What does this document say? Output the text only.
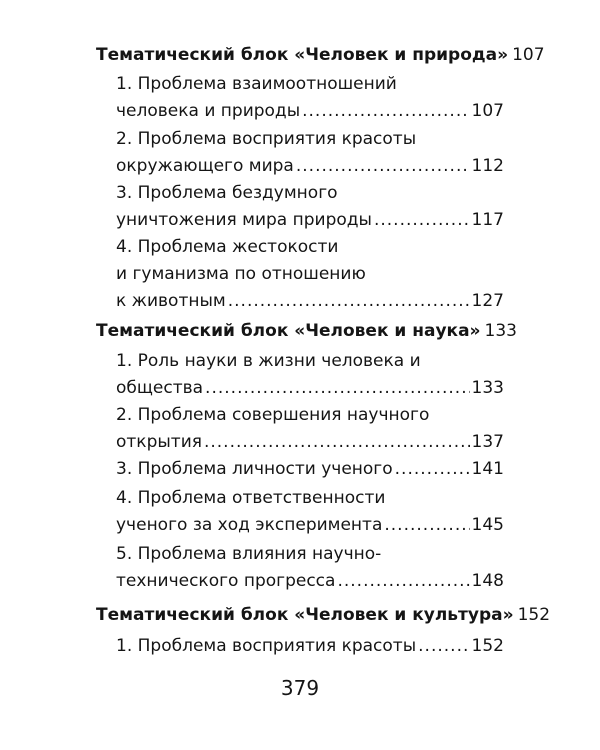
Тематический блок «Человек и природа» 107
1. Проблема взаимоотношений
человека и природы .....	107
2. Проблема восприятия красоты
окружающего мира .....	112
3. Проблема бездумного
уничтожения мира природы .....	117
4. Проблема жестокости
и гуманизма по отношению
к животным .....	127
Тематический блок «Человек и наука» 133
1. Роль науки в жизни человека и
общества .....	133
2. Проблема совершения научного
открытия .....	137
3. Проблема личности ученого .....	141
4. Проблема ответственности
ученого за ход эксперимента .....	145
5. Проблема влияния научно-
технического прогресса .....	148
Тематический блок «Человек и культура» 152
1. Проблема восприятия красоты .....	152
379
